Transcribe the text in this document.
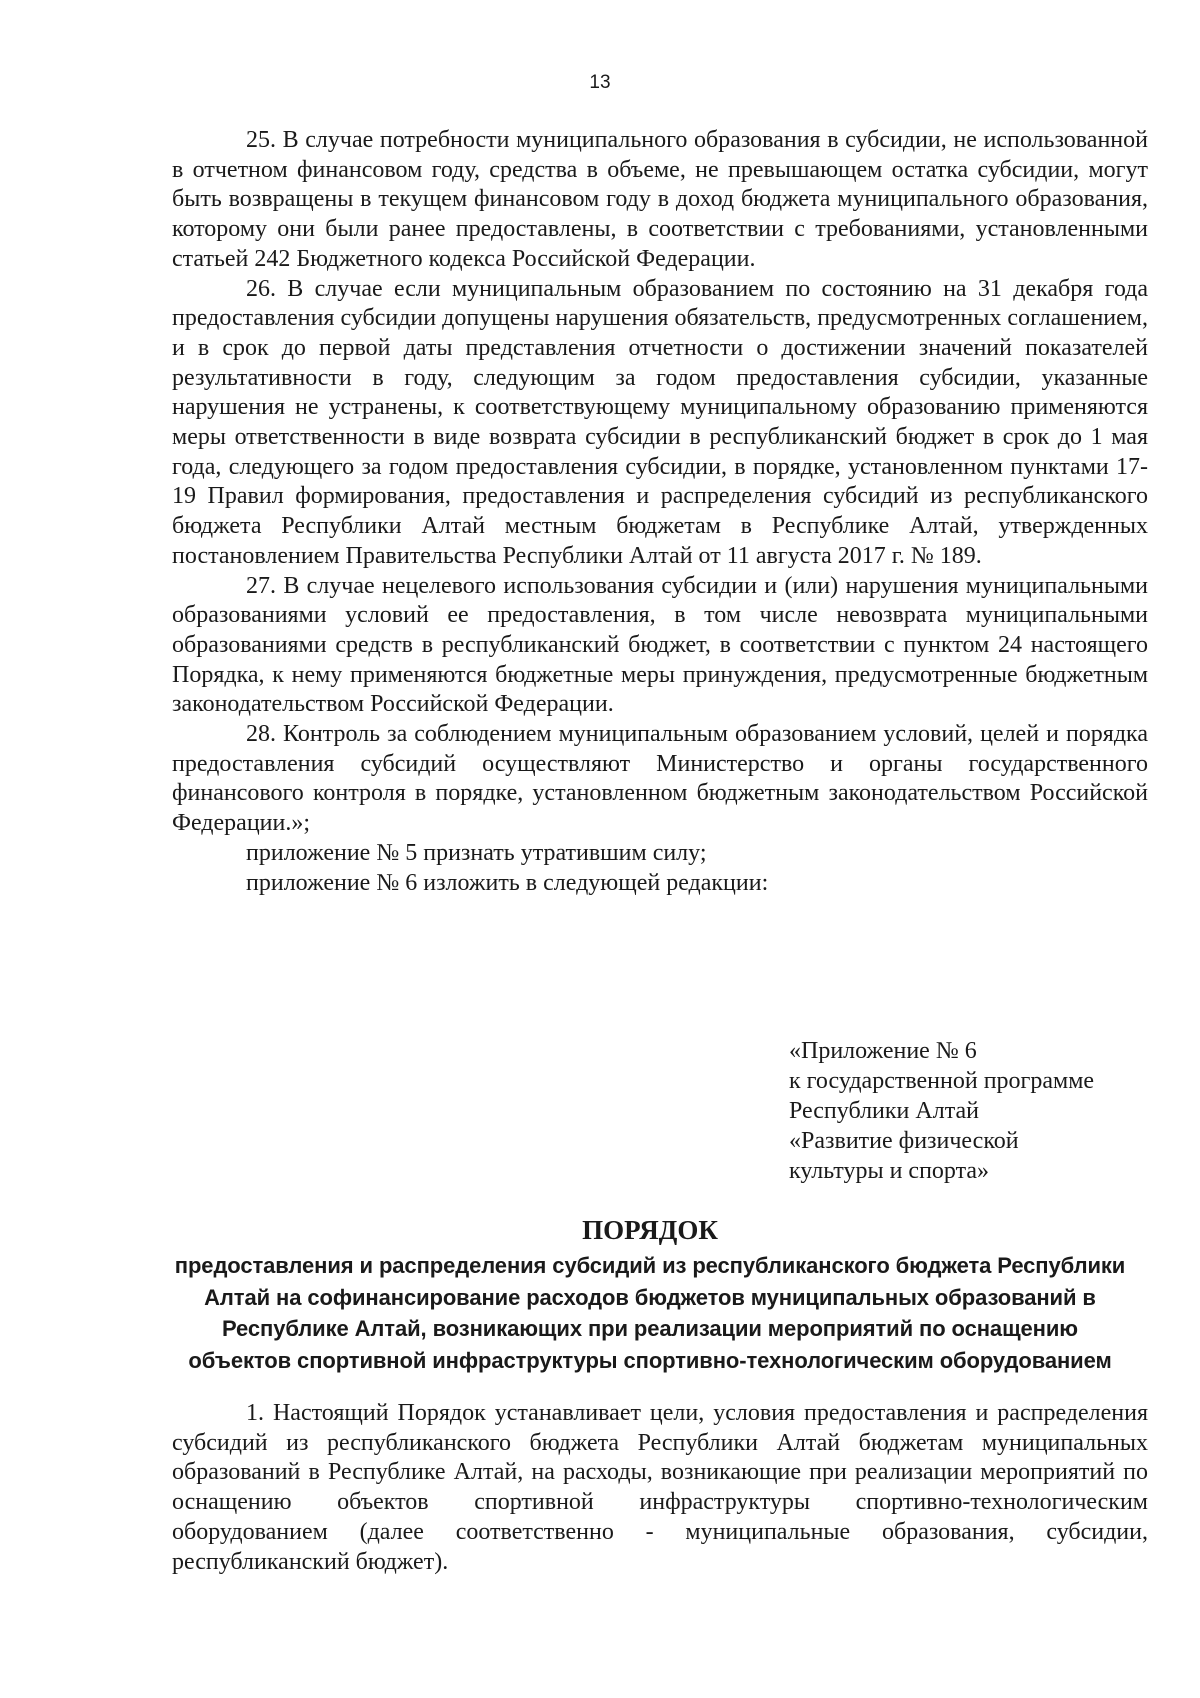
13

25. В случае потребности муниципального образования в субсидии, не использованной в отчетном финансовом году, средства в объеме, не превышающем остатка субсидии, могут быть возвращены в текущем финансовом году в доход бюджета муниципального образования, которому они были ранее предоставлены, в соответствии с требованиями, установленными статьей 242 Бюджетного кодекса Российской Федерации.

26. В случае если муниципальным образованием по состоянию на 31 декабря года предоставления субсидии допущены нарушения обязательств, предусмотренных соглашением, и в срок до первой даты представления отчетности о достижении значений показателей результативности в году, следующим за годом предоставления субсидии, указанные нарушения не устранены, к соответствующему муниципальному образованию применяются меры ответственности в виде возврата субсидии в республиканский бюджет в срок до 1 мая года, следующего за годом предоставления субсидии, в порядке, установленном пунктами 17-19 Правил формирования, предоставления и распределения субсидий из республиканского бюджета Республики Алтай местным бюджетам в Республике Алтай, утвержденных постановлением Правительства Республики Алтай от 11 августа 2017 г. № 189.

27. В случае нецелевого использования субсидии и (или) нарушения муниципальными образованиями условий ее предоставления, в том числе невозврата муниципальными образованиями средств в республиканский бюджет, в соответствии с пунктом 24 настоящего Порядка, к нему применяются бюджетные меры принуждения, предусмотренные бюджетным законодательством Российской Федерации.

28. Контроль за соблюдением муниципальным образованием условий, целей и порядка предоставления субсидий осуществляют Министерство и органы государственного финансового контроля в порядке, установленном бюджетным законодательством Российской Федерации.»;

приложение № 5 признать утратившим силу;

приложение № 6 изложить в следующей редакции:

«Приложение № 6
к государственной программе
Республики Алтай
«Развитие физической
культуры и спорта»
ПОРЯДОК
предоставления и распределения субсидий из республиканского бюджета Республики
Алтай на софинансирование расходов бюджетов муниципальных образований в
Республике Алтай, возникающих при реализации мероприятий по оснащению
объектов спортивной инфраструктуры спортивно-технологическим оборудованием

1. Настоящий Порядок устанавливает цели, условия предоставления и распределения субсидий из республиканского бюджета Республики Алтай бюджетам муниципальных образований в Республике Алтай, на расходы, возникающие при реализации мероприятий по оснащению объектов спортивной инфраструктуры спортивно-технологическим оборудованием (далее соответственно - муниципальные образования, субсидии, республиканский бюджет).
